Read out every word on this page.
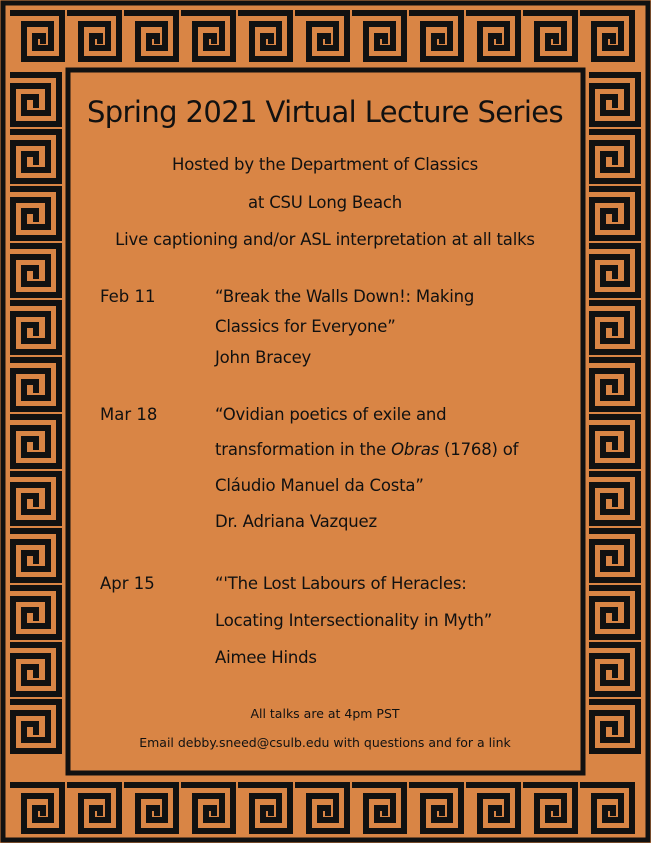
Spring 2021 Virtual Lecture Series
Hosted by the Department of Classics
at CSU Long Beach
Live captioning and/or ASL interpretation at all talks
Feb 11	“Break the Walls Down!: Making
Classics for Everyone”
John Bracey
Mar 18	“Ovidian poetics of exile and
transformation in the Obras (1768) of
Cláudio Manuel da Costa”
Dr. Adriana Vazquez
Apr 15	“'The Lost Labours of Heracles:
Locating Intersectionality in Myth”
Aimee Hinds
All talks are at 4pm PST
Email debby.sneed@csulb.edu with questions and for a link
